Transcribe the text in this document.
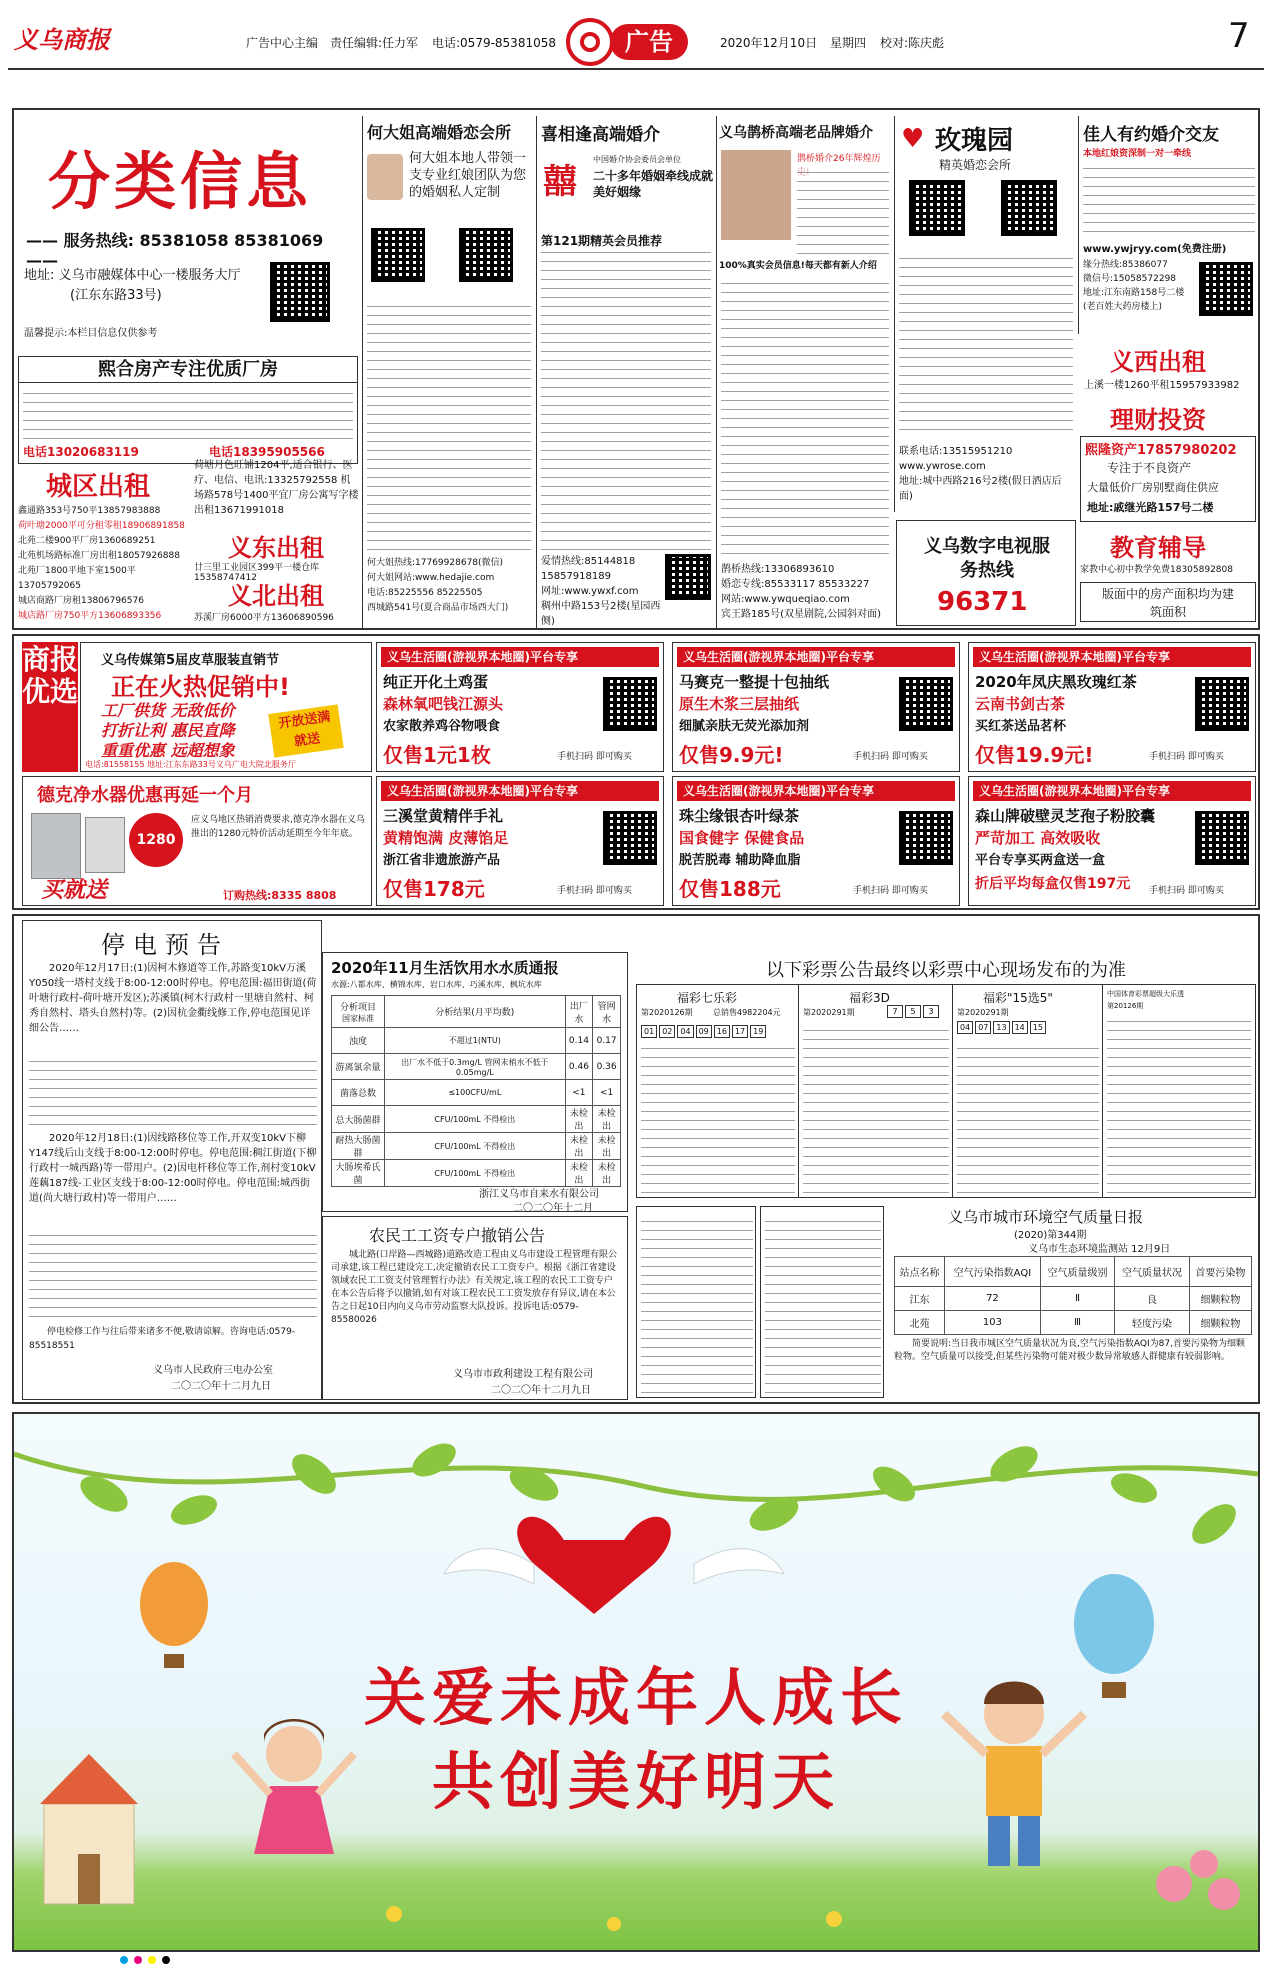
义乌商报	广告中心主编 责任编辑:任力军 电话:0579-85381058	广告	2020年12月10日 星期四 校对:陈庆彪	7
分类信息
—— 服务热线: 85381058 85381069 ——
地址: 义乌市融媒体中心一楼服务大厅
(江东东路33号)
温馨提示:本栏目信息仅供参考
熙合房产专注优质厂房
电话13020683119	电话18395905566
城区出租
鑫通路353号750平13857983888
荷叶塘2000平可分租零租18906891858
北苑二楼900平厂房1360689251
北苑机场路标准厂房出租18057926888
北苑厂1800平地下室1500平13705792065
城店商路厂房租13806796576
城店路厂房750平方13606893356
荷塘月色旺铺1204平,适合银行、医疗、电信、电讯:13325792558 机场路578号1400平宜厂房公寓写字楼出租13671991018
义东出租
廿三里工业园区399平一楼仓库15358747412
义北出租
苏溪厂房6000平方13606890596
何大姐高端婚恋会所
何大姐本地人带领一支专业红娘团队为您的婚姻私人定制
何大姐热线:17769928678(微信)
何大姐网站:www.hedajie.com
电话:85225556 85225505
西城路541号(夏合商品市场西大门)
喜相逢高端婚介
囍
中国婚介协会委员会单位
二十多年婚姻牵线成就美好姻缘
第121期精英会员推荐
爱情热线:85144818
15857918189
网址:www.ywxf.com
稠州中路153号2楼(星园西侧)
义乌鹊桥高端老品牌婚介
鹊桥婚介26年辉煌历
100%真实会员信息!每天都有新人介绍
鹊桥热线:13306893610
婚恋专线:85533117 85533227
网站:www.ywqueqiao.com
宾王路185号(双星剧院,公园斜对面)
♥ 玫瑰园
精英婚恋会所
联系电话:13515951210
www.ywrose.com
地址:城中西路216号2楼(假日酒店后面)
佳人有约婚介交友
本地红娘资深制一对一牵线
www.ywjryy.com(免费注册)
缘分热线:85386077
微信号:15058572298
地址:江东南路158号二楼(老百姓大药房楼上)
义西出租
上溪一楼1260平租15957933982
理财投资
熙隆资产17857980202
专注于不良资产
大量低价厂房别墅商住供应
地址:戚继光路157号二楼
教育辅导
家教中心初中教学免费18305892808
版面中的房产面积均为建筑面积
义乌数字电视服务热线
96371
商报优选
义乌传媒第5届皮草服装直销节
正在火热促销中!
工厂供货 无敌低价
打折让利 惠民直降
重重优惠 远超想象
开放送满就送
电话:81558155 地址:江东东路33号义乌广电大院北服务厅
德克净水器优惠再延一个月
1280
买就送
应义乌地区热销消费要求,德克净水器在义乌推出的1280元特价活动延期至今年年底。
订购热线:8335 8808
义乌生活圈(游视界本地圈)平台专享
纯正开化土鸡蛋
森林氧吧钱江源头
农家散养鸡谷物喂食
仅售1元1枚	手机扫码 即可购买
义乌生活圈(游视界本地圈)平台专享
马赛克一整提十包抽纸
原生木浆三层抽纸
细腻亲肤无荧光添加剂
仅售9.9元!	手机扫码 即可购买
义乌生活圈(游视界本地圈)平台专享
2020年凤庆黑玫瑰红茶
云南书剑古茶
买红茶送品茗杯
仅售19.9元!	手机扫码 即可购买
义乌生活圈(游视界本地圈)平台专享
三溪堂黄精伴手礼
黄精饱满 皮薄馅足
浙江省非遗旅游产品
仅售178元	手机扫码 即可购买
义乌生活圈(游视界本地圈)平台专享
珠尘缘银杏叶绿茶
国食健字 保健食品
脱苦脱毒 辅助降血脂
仅售188元	手机扫码 即可购买
义乌生活圈(游视界本地圈)平台专享
森山牌破壁灵芝孢子粉胶囊
严苛加工 高效吸收
平台专享买两盒送一盒
折后平均每盒仅售197元 手机扫码 即可购买
停电预告
2020年12月17日:(1)因柯木修道等工作,苏路变10kV万溪Y050线一塔村支线于8:00-12:00时停电。停电范围:福田街道(荷叶塘行政村-荷叶塘开发区);苏溪镇(柯木行政村一里塘自然村、柯秀自然村、塔头自然村)等。(2)因杭金衢线修工作,停电范围见详细公告……
2020年12月18日:(1)因线路移位等工作,开双变10kV下柳Y147线后山支线于8:00-12:00时停电。停电范围:稠江街道(下柳行政村一城西路)等一带用户。(2)因电杆移位等工作,剂村变10kV莲藕187线-工业区支线于8:00-12:00时停电。停电范围:城西街道(尚大塘行政村)等一带用户……
停电检修工作与往后带来诸多不便,敬请谅解。咨询电话:0579-85518551
义乌市人民政府三电办公室
二〇二〇年十二月九日
2020年11月生活饮用水水质通报
水源:八都水库、横锦水库、岩口水库、巧溪水库、枫坑水库
分析项目
国家标准	分析结果(月平均数)	出厂水	管网水
浊度	不超过1(NTU)	0.14	0.17
游离氯余量	出厂水不低于0.3mg/L 管网末梢水不低于0.05mg/L	0.46	0.36
菌落总数	≤100CFU/mL	<1	<1
总大肠菌群	CFU/100mL 不得检出	未检出	未检出
耐热大肠菌群	CFU/100mL 不得检出	未检出	未检出
大肠埃希氏菌	CFU/100mL 不得检出	未检出	未检出
浙江义乌市自来水有限公司
二〇二〇年十二月
农民工工资专户撤销公告
城北路(口岸路—西城路)道路改造工程由义乌市建设工程管理有限公司承建,该工程已建设完工,决定撤销农民工工资专户。根据《浙江省建设领域农民工工资支付管理暂行办法》有关规定,该工程的农民工工资专户在本公告后将予以撤销,如有对该工程农民工工资发放存有异议,请在本公告之日起10日内向义乌市劳动监察大队投诉。投诉电话:0579-85580026
义乌市市政利建设工程有限公司
二〇二〇年十二月九日
以下彩票公告最终以彩票中心现场发布的为准
福彩七乐彩
第2020126期	总销售4982204元
01	02	04	09	16	17	19
福彩3D
第2020291期	7	5	3
福彩"15选5"
第2020291期
04	07	13	14	15
中国体育彩票超级大乐透
第20126期
义乌市城市环境空气质量日报
(2020)第344期
义乌市生态环境监测站 12月9日
站点名称	空气污染指数AQI	空气质量级别	空气质量状况	首要污染物
江东	72	Ⅱ	良	细颗粒物
北苑	103	Ⅲ	轻度污染	细颗粒物
简要说明:当日我市城区空气质量状况为良,空气污染指数AQI为87,首要污染物为细颗粒物。空气质量可以接受,但某些污染物可能对极少数异常敏感人群健康有较弱影响。
关爱未成年人成长
共创美好明天
